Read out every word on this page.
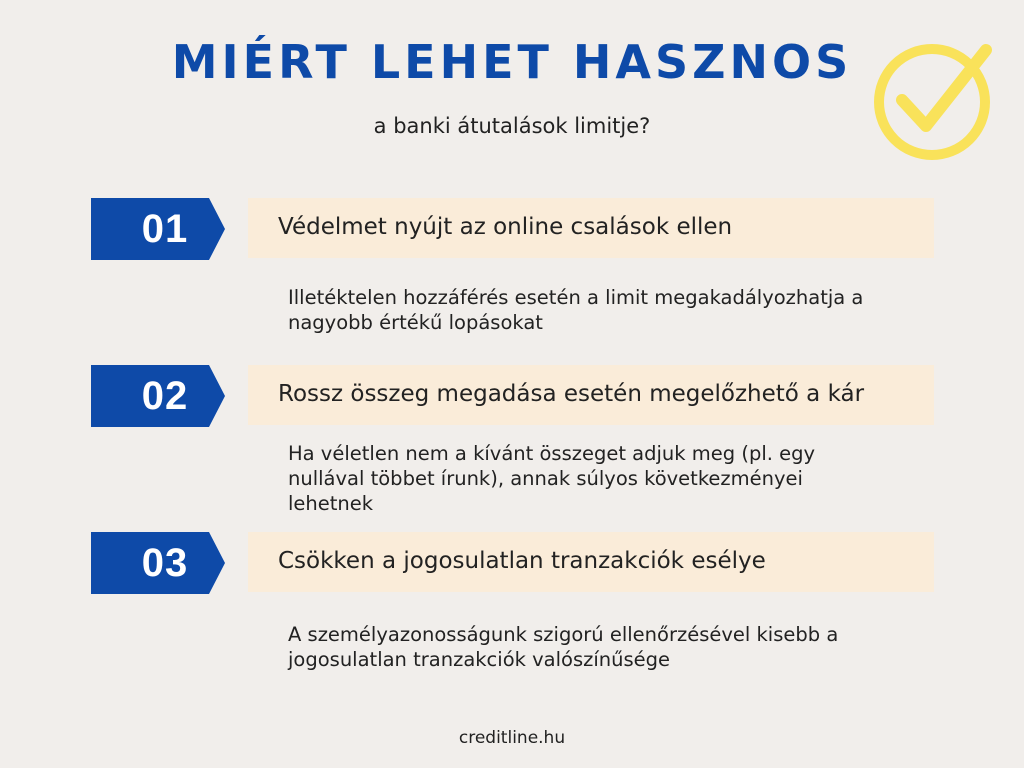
MIÉRT LEHET HASZNOS
a banki átutalások limitje?
01	Védelmet nyújt az online csalások ellen
Illetéktelen hozzáférés esetén a limit megakadályozhatja a nagyobb értékű lopásokat
02	Rossz összeg megadása esetén megelőzhető a kár
Ha véletlen nem a kívánt összeget adjuk meg (pl. egy nullával többet írunk), annak súlyos következményei lehetnek
03	Csökken a jogosulatlan tranzakciók esélye
A személyazonosságunk szigorú ellenőrzésével kisebb a jogosulatlan tranzakciók valószínűsége
creditline.hu
